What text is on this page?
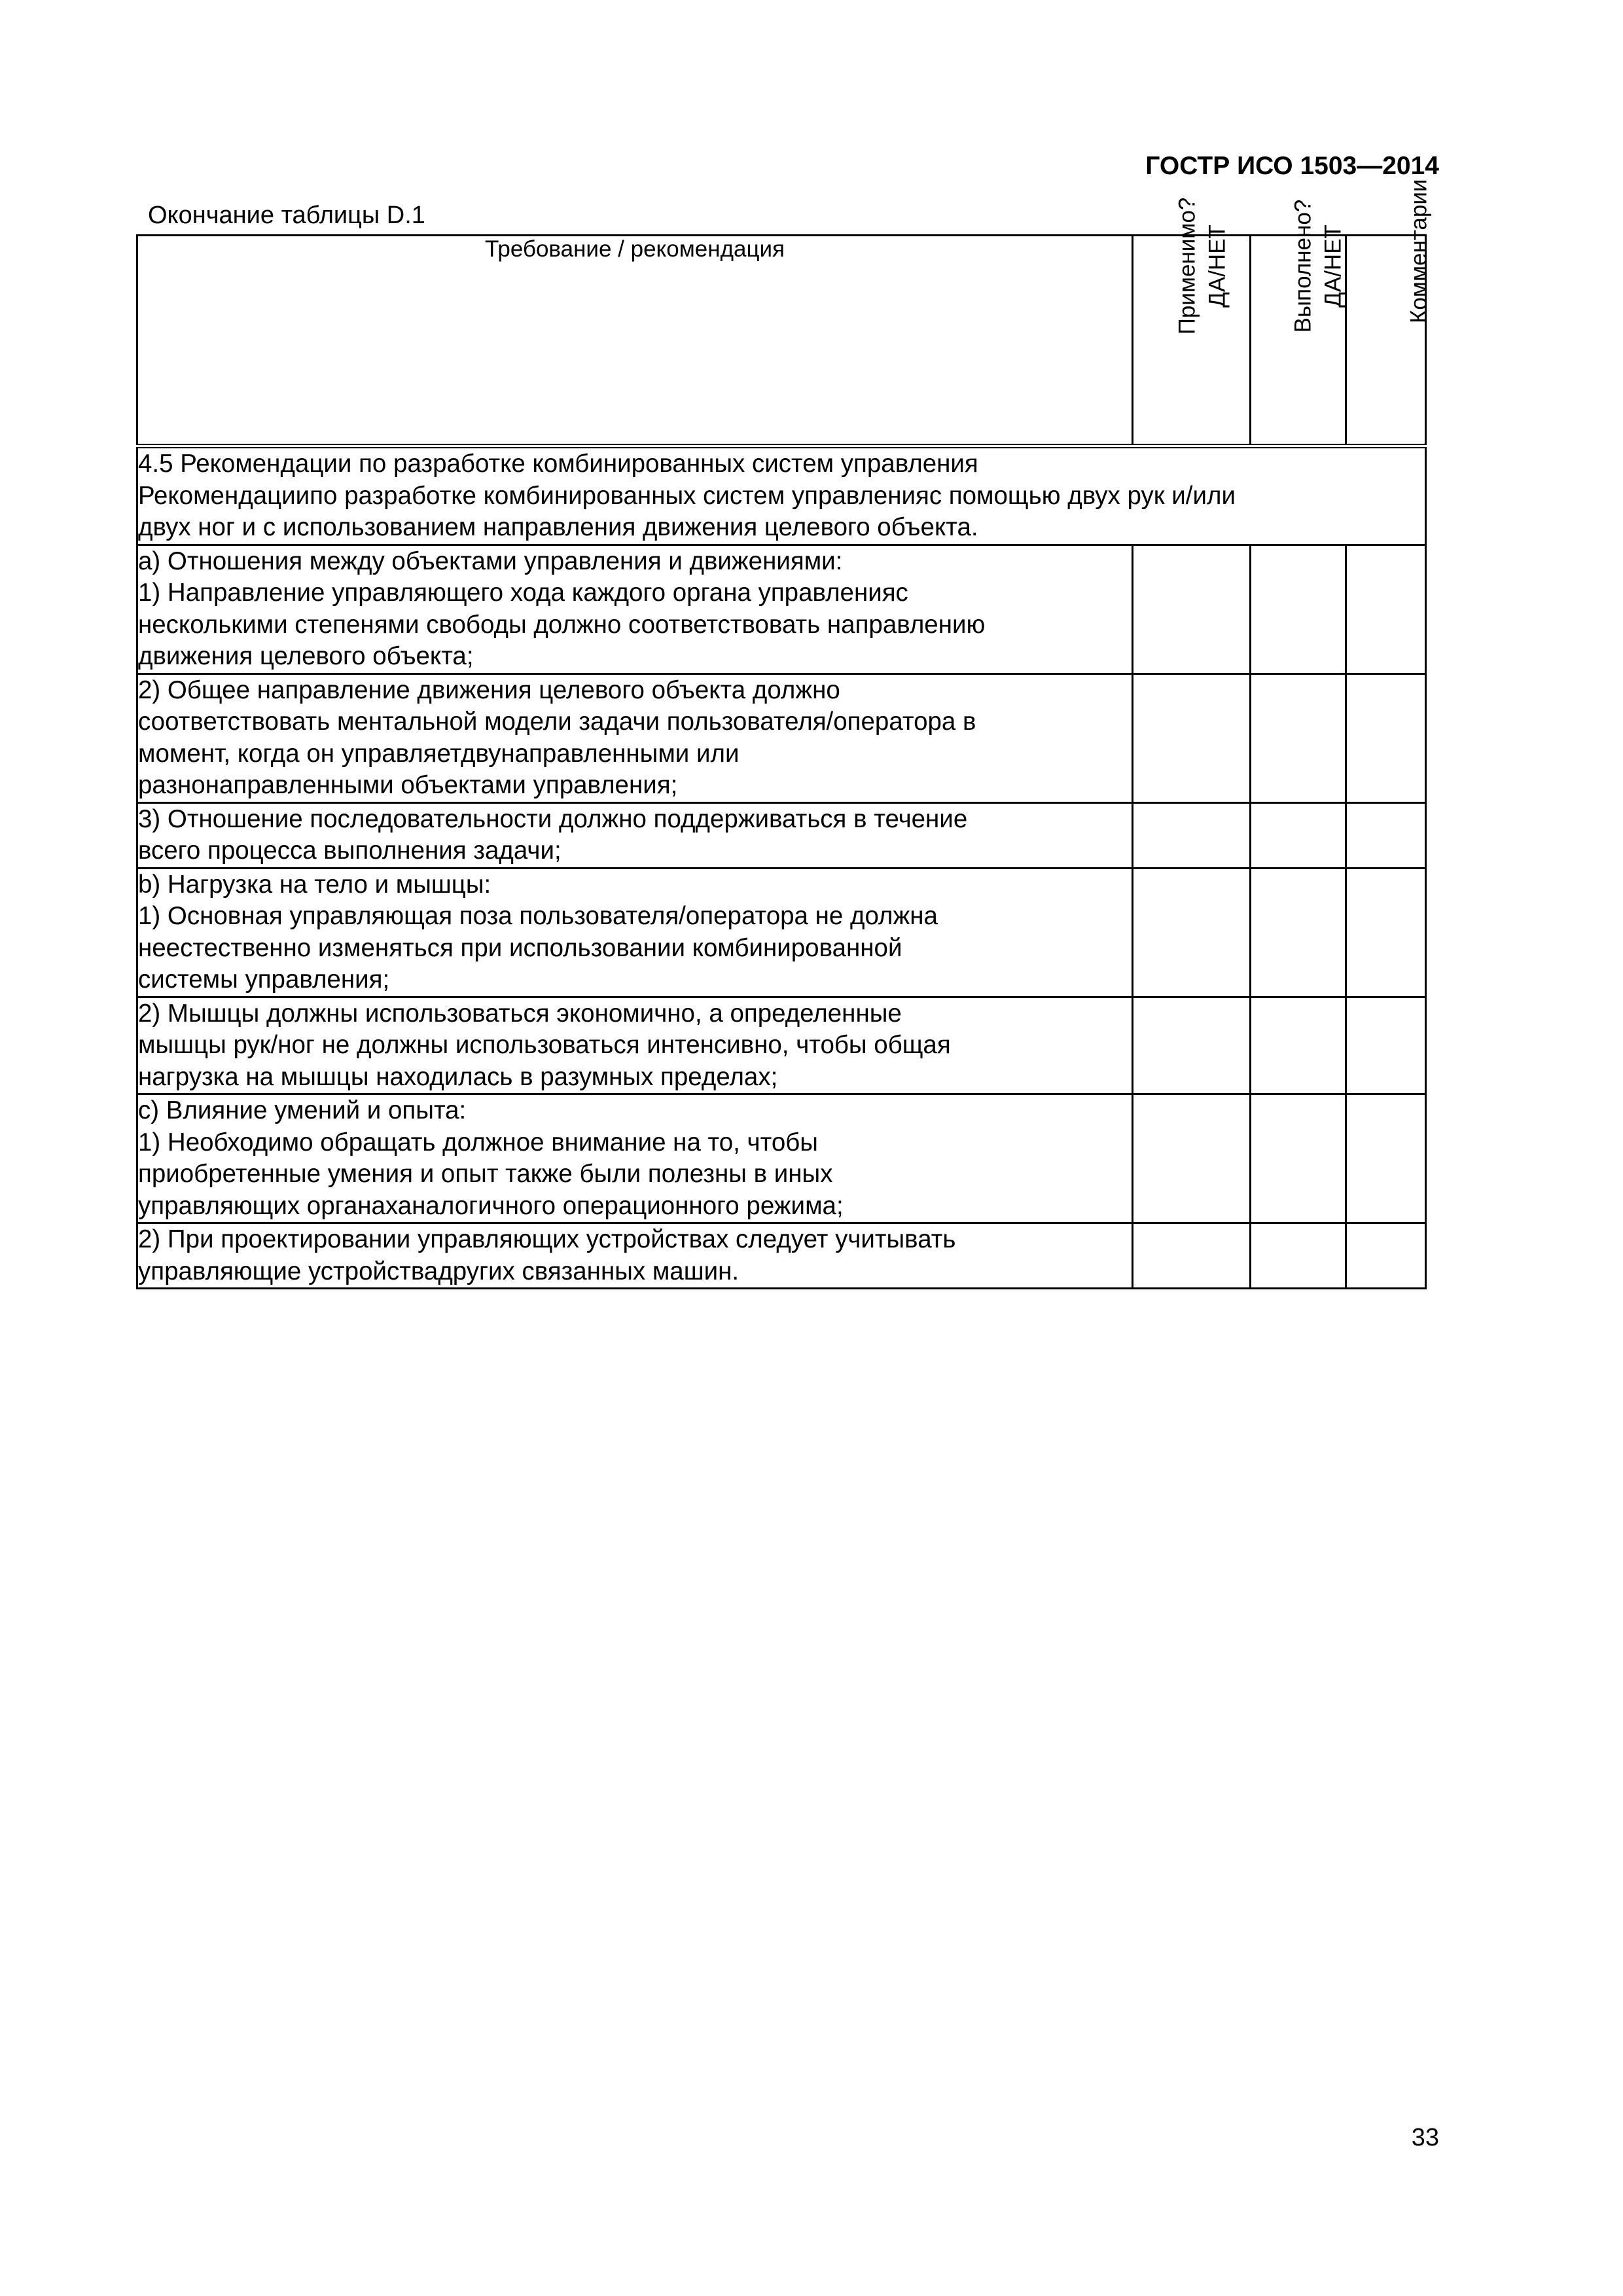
ГОСТР ИСО 1503—2014
Окончание таблицы D.1
Требование / рекомендация	Применимо? ДА/НЕТ	Выполнено? ДА/НЕТ	Комментарии

4.5 Рекомендации по разработке комбинированных систем управления
Рекомендациипо разработке комбинированных систем управленияс помощью двух рук и/или
двух ног и с использованием направления движения целевого объекта.			

a) Отношения между объектами управления и движениями:
1) Направление управляющего хода каждого органа управленияс
несколькими степенями свободы должно соответствовать направлению
движения целевого объекта;			

2) Общее направление движения целевого объекта должно
соответствовать ментальной модели задачи пользователя/оператора в
момент, когда он управляетдвунаправленными или
разнонаправленными объектами управления;			

3) Отношение последовательности должно поддерживаться в течение
всего процесса выполнения задачи;			

b) Нагрузка на тело и мышцы:
1) Основная управляющая поза пользователя/оператора не должна
неестественно изменяться при использовании комбинированной
системы управления;			

2) Мышцы должны использоваться экономично, а определенные
мышцы рук/ног не должны использоваться интенсивно, чтобы общая
нагрузка на мышцы находилась в разумных пределах;			

c) Влияние умений и опыта:
1) Необходимо обращать должное внимание на то, чтобы
приобретенные умения и опыт также были полезны в иных
управляющих органаханалогичного операционного режима;			

2) При проектировании управляющих устройствах следует учитывать
управляющие устройствадругих связанных машин.			

33
